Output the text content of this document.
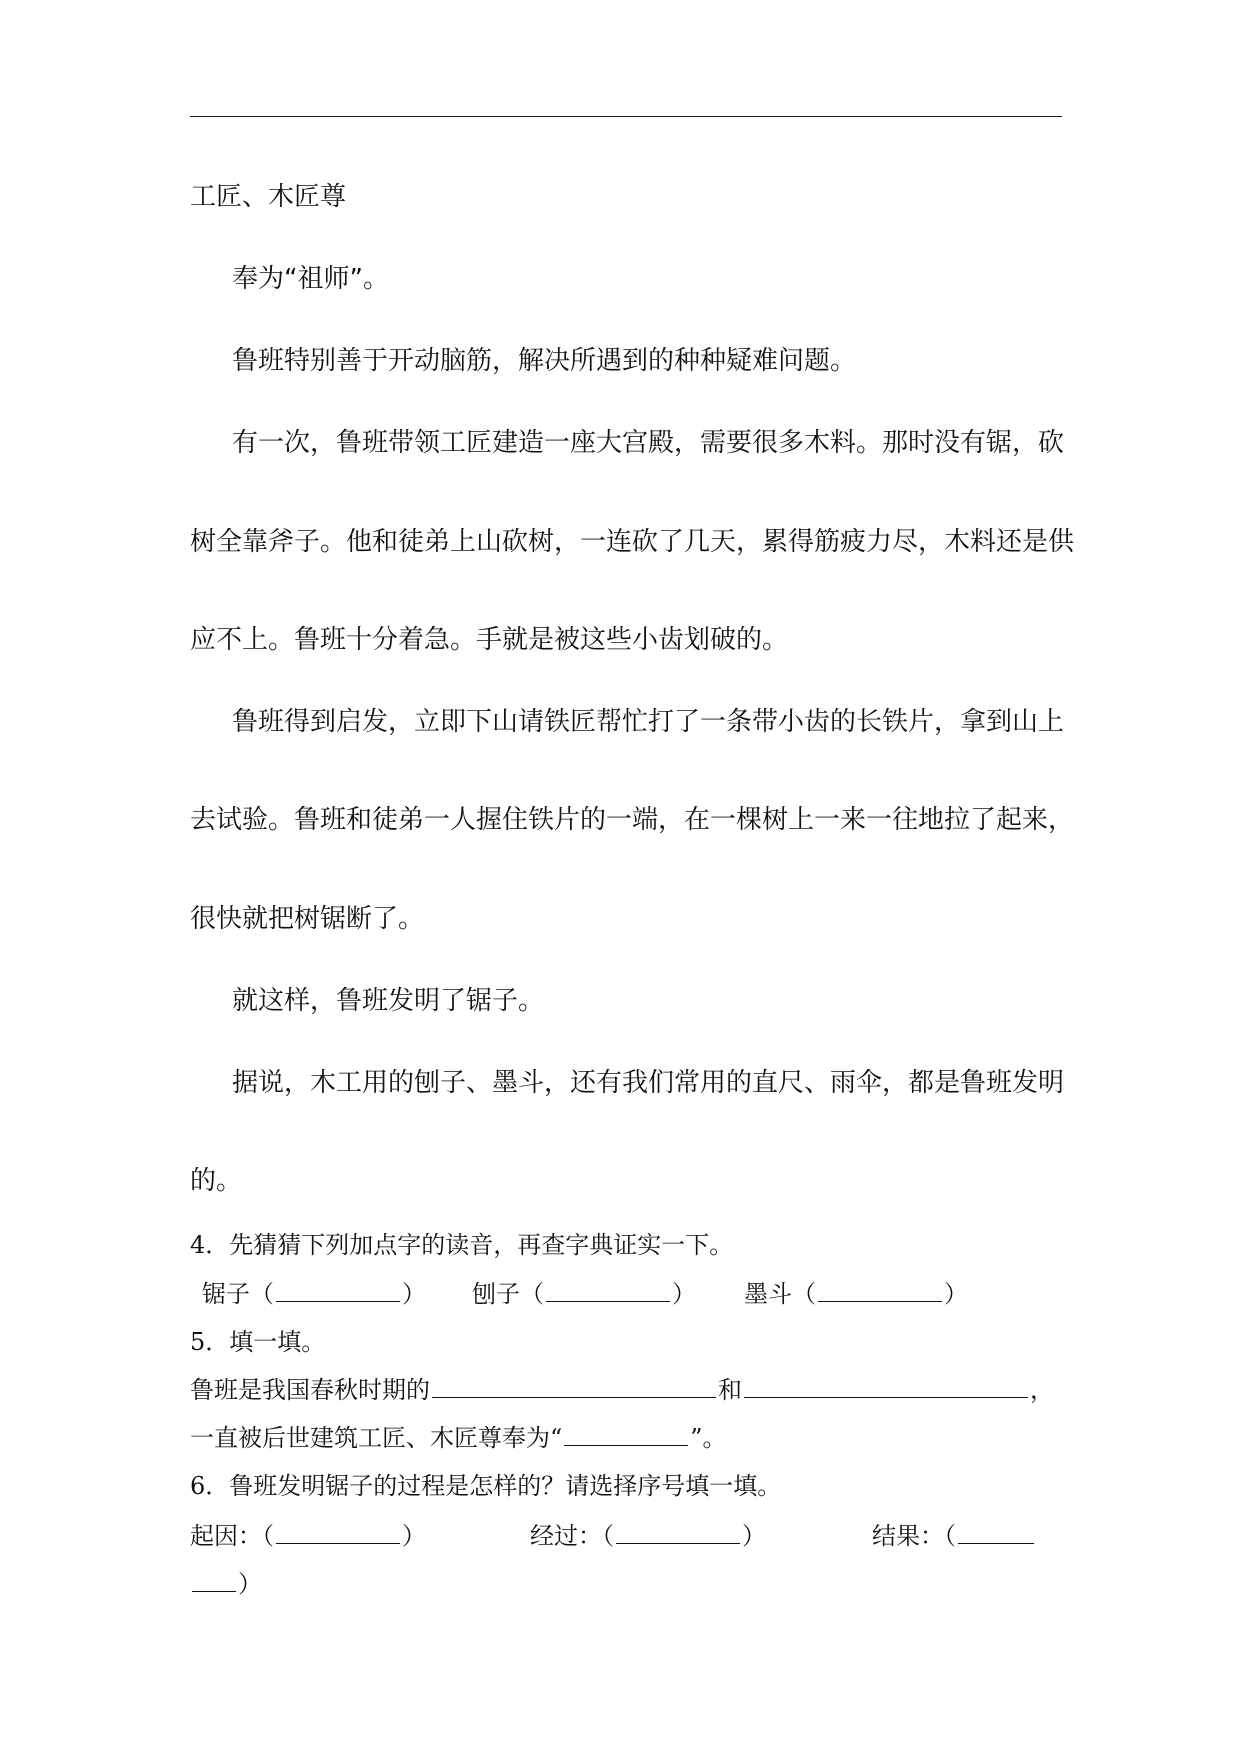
工匠、木匠尊
奉为“祖师”。
鲁班特别善于开动脑筋，解决所遇到的种种疑难问题。
有一次，鲁班带领工匠建造一座大宫殿，需要很多木料。那时没有锯，砍
树全靠斧子。他和徒弟上山砍树，一连砍了几天，累得筋疲力尽，木料还是供
应不上。鲁班十分着急。手就是被这些小齿划破的。
鲁班得到启发，立即下山请铁匠帮忙打了一条带小齿的长铁片，拿到山上
去试验。鲁班和徒弟一人握住铁片的一端，在一棵树上一来一往地拉了起来，
很快就把树锯断了。
就这样，鲁班发明了锯子。
据说，木工用的刨子、墨斗，还有我们常用的直尺、雨伞，都是鲁班发明
的。
4．先猜猜下列加点字的读音，再查字典证实一下。
锯子（	） 刨子（	） 墨斗（	）
5．填一填。
鲁班是我国春秋时期的	和	，
一直被后世建筑工匠、木匠尊奉为“	”。
6．鲁班发明锯子的过程是怎样的？请选择序号填一填。
起因：（	）	经过：（	）	结果：（
）
